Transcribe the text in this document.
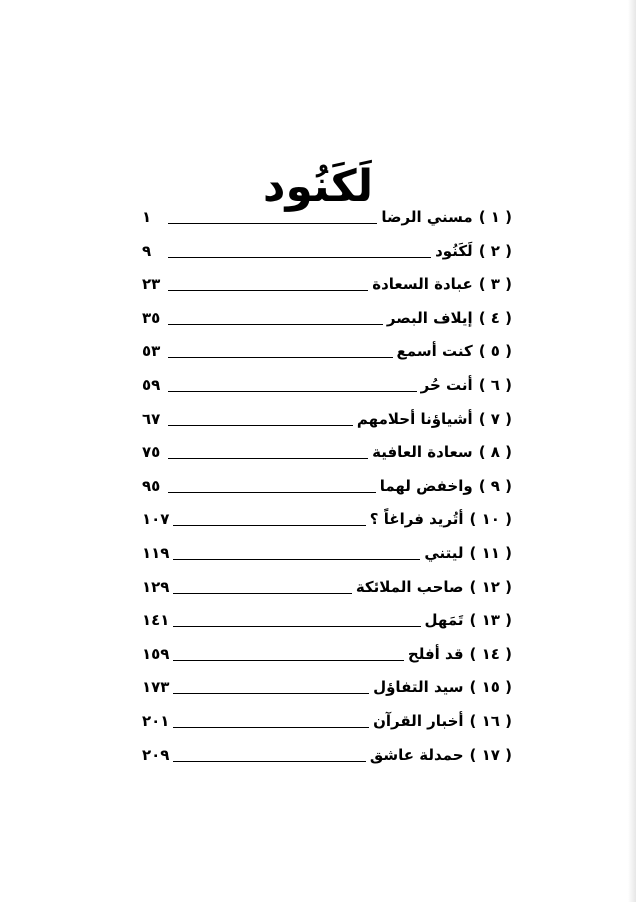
لَكَنُود
( ١ )
مسني الرضا
١
( ٢ )
لَكَنُود
٩
( ٣ )
عبادة السعادة
٢٣
( ٤ )
إيلاف البصر
٣٥
( ٥ )
كنت أسمع
٥٣
( ٦ )
أنت حُر
٥٩
( ٧ )
أشياؤنا أحلامهم
٦٧
( ٨ )
سعادة العافية
٧٥
( ٩ )
واخفض لهما
٩٥
( ١٠ )
أتُريد فراغاً ؟
١٠٧
( ١١ )
ليتني
١١٩
( ١٢ )
صاحب الملائكة
١٢٩
( ١٣ )
تَمَهل
١٤١
( ١٤ )
قد أفلح
١٥٩
( ١٥ )
سيد التفاؤل
١٧٣
( ١٦ )
أخبار القرآن
٢٠١
( ١٧ )
حمدلة عاشق
٢٠٩
